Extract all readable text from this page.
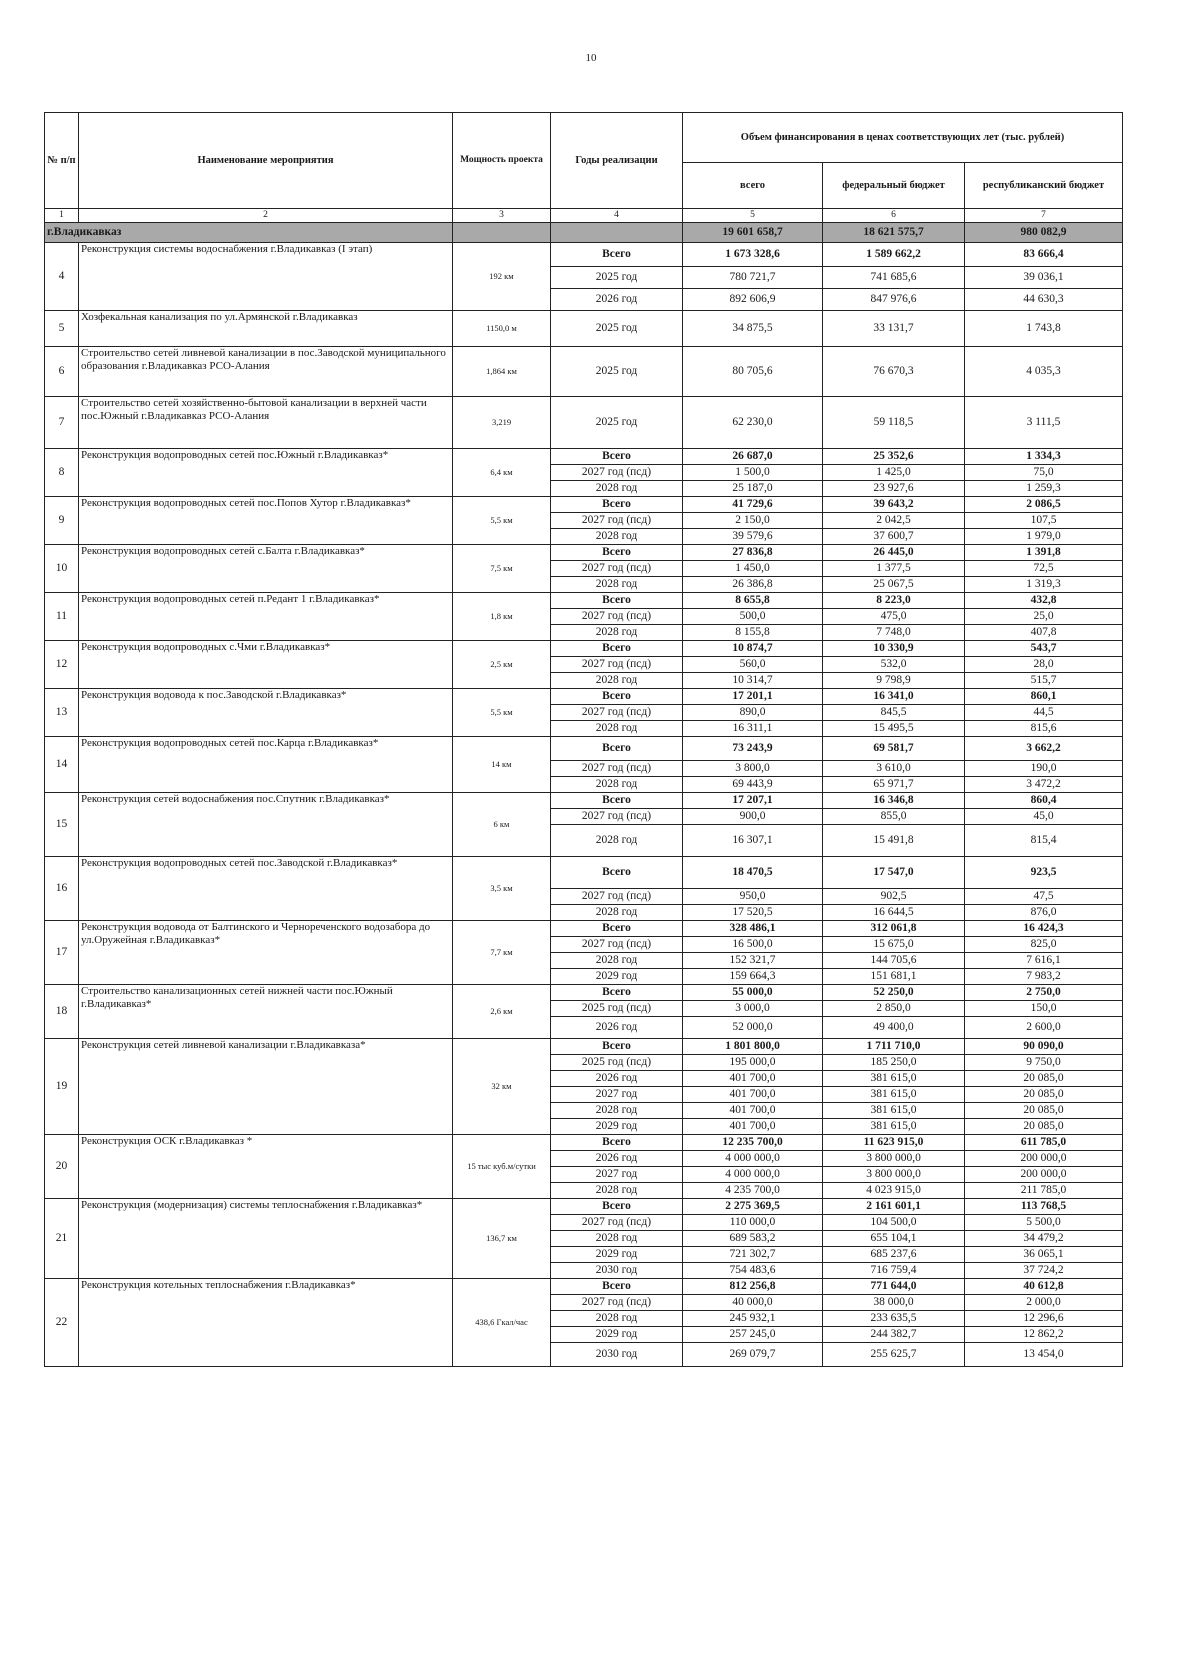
10
№ п/п	Наименование мероприятия	Мощность проекта	Годы реализации	Объем финансирования в ценах соответствующих лет (тыс. рублей)		
				всего	федеральный бюджет	республиканский бюджет
1	2	3	4	5	6	7
г.Владикавказ				19 601 658,7	18 621 575,7	980 082,9
4	Реконструкция системы водоснабжения г.Владикавказ (I этап)	192 км	Всего	1 673 328,6	1 589 662,2	83 666,4
			2025 год	780 721,7	741 685,6	39 036,1
			2026 год	892 606,9	847 976,6	44 630,3
5	Хозфекальная канализация по ул.Армянской г.Владикавказ	1150,0 м	2025 год	34 875,5	33 131,7	1 743,8
6	Строительство сетей ливневой канализации в пос.Заводской муниципального образования г.Владикавказ РСО-Алания	1,864 км	2025 год	80 705,6	76 670,3	4 035,3
7	Строительство сетей хозяйственно-бытовой канализации в верхней части пос.Южный г.Владикавказ РСО-Алания	3,219	2025 год	62 230,0	59 118,5	3 111,5
8	Реконструкция водопроводных сетей пос.Южный г.Владикавказ*	6,4 км	Всего	26 687,0	25 352,6	1 334,3
			2027 год (псд)	1 500,0	1 425,0	75,0
			2028 год	25 187,0	23 927,6	1 259,3
9	Реконструкция водопроводных сетей пос.Попов Хутор г.Владикавказ*	5,5 км	Всего	41 729,6	39 643,2	2 086,5
			2027 год (псд)	2 150,0	2 042,5	107,5
			2028 год	39 579,6	37 600,7	1 979,0
10	Реконструкция водопроводных сетей с.Балта г.Владикавказ*	7,5 км	Всего	27 836,8	26 445,0	1 391,8
			2027 год (псд)	1 450,0	1 377,5	72,5
			2028 год	26 386,8	25 067,5	1 319,3
11	Реконструкция водопроводных сетей п.Редант 1 г.Владикавказ*	1,8 км	Всего	8 655,8	8 223,0	432,8
			2027 год (псд)	500,0	475,0	25,0
			2028 год	8 155,8	7 748,0	407,8
12	Реконструкция водопроводных с.Чми г.Владикавказ*	2,5 км	Всего	10 874,7	10 330,9	543,7
			2027 год (псд)	560,0	532,0	28,0
			2028 год	10 314,7	9 798,9	515,7
13	Реконструкция водовода к пос.Заводской г.Владикавказ*	5,5 км	Всего	17 201,1	16 341,0	860,1
			2027 год (псд)	890,0	845,5	44,5
			2028 год	16 311,1	15 495,5	815,6
14	Реконструкция водопроводных сетей пос.Карца г.Владикавказ*	14 км	Всего	73 243,9	69 581,7	3 662,2
			2027 год (псд)	3 800,0	3 610,0	190,0
			2028 год	69 443,9	65 971,7	3 472,2
15	Реконструкция сетей водоснабжения пос.Спутник г.Владикавказ*	6 км	Всего	17 207,1	16 346,8	860,4
			2027 год (псд)	900,0	855,0	45,0
			2028 год	16 307,1	15 491,8	815,4
16	Реконструкция водопроводных сетей пос.Заводской г.Владикавказ*	3,5 км	Всего	18 470,5	17 547,0	923,5
			2027 год (псд)	950,0	902,5	47,5
			2028 год	17 520,5	16 644,5	876,0
17	Реконструкция водовода от Балтинского и Чернореченского водозабора до ул.Оружейная г.Владикавказ*	7,7 км	Всего	328 486,1	312 061,8	16 424,3
			2027 год (псд)	16 500,0	15 675,0	825,0
			2028 год	152 321,7	144 705,6	7 616,1
			2029 год	159 664,3	151 681,1	7 983,2
18	Строительство канализационных сетей нижней части пос.Южный г.Владикавказ*	2,6 км	Всего	55 000,0	52 250,0	2 750,0
			2025 год (псд)	3 000,0	2 850,0	150,0
			2026 год	52 000,0	49 400,0	2 600,0
19	Реконструкция сетей ливневой канализации г.Владикавказа*	32 км	Всего	1 801 800,0	1 711 710,0	90 090,0
			2025 год (псд)	195 000,0	185 250,0	9 750,0
			2026 год	401 700,0	381 615,0	20 085,0
			2027 год	401 700,0	381 615,0	20 085,0
			2028 год	401 700,0	381 615,0	20 085,0
			2029 год	401 700,0	381 615,0	20 085,0
20	Реконструкция ОСК г.Владикавказ *	15 тыс куб.м/сутки	Всего	12 235 700,0	11 623 915,0	611 785,0
			2026 год	4 000 000,0	3 800 000,0	200 000,0
			2027 год	4 000 000,0	3 800 000,0	200 000,0
			2028 год	4 235 700,0	4 023 915,0	211 785,0
21	Реконструкция (модернизация) системы теплоснабжения г.Владикавказ*	136,7 км	Всего	2 275 369,5	2 161 601,1	113 768,5
			2027 год (псд)	110 000,0	104 500,0	5 500,0
			2028 год	689 583,2	655 104,1	34 479,2
			2029 год	721 302,7	685 237,6	36 065,1
			2030 год	754 483,6	716 759,4	37 724,2
22	Реконструкция котельных теплоснабжения г.Владикавказ*	438,6 Гкал/час	Всего	812 256,8	771 644,0	40 612,8
			2027 год (псд)	40 000,0	38 000,0	2 000,0
			2028 год	245 932,1	233 635,5	12 296,6
			2029 год	257 245,0	244 382,7	12 862,2
			2030 год	269 079,7	255 625,7	13 454,0
